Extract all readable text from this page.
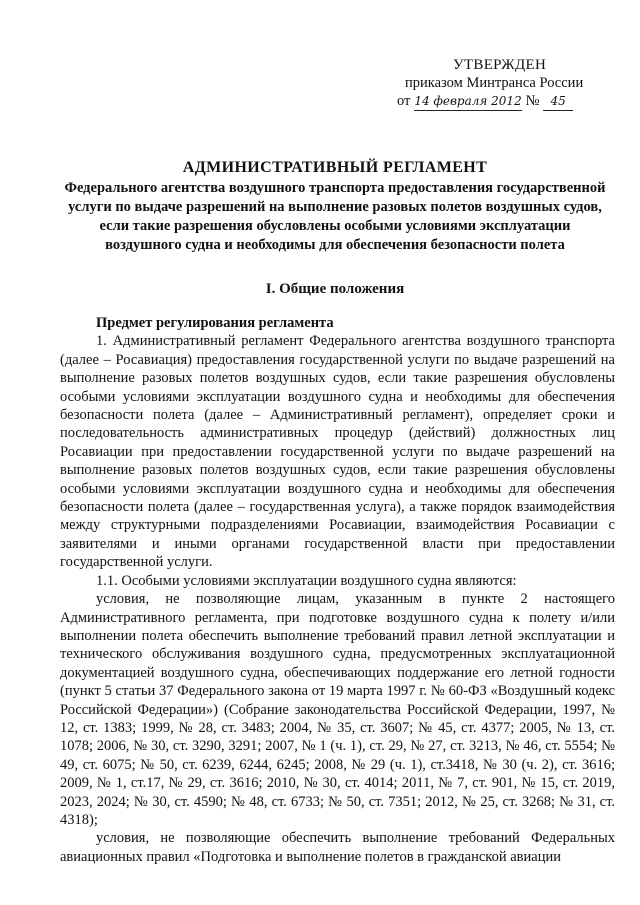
УТВЕРЖДЕН
приказом Минтранса России
от 14 февраля 2012 № 45
АДМИНИСТРАТИВНЫЙ РЕГЛАМЕНТ
Федерального агентства воздушного транспорта предоставления государственной услуги по выдаче разрешений на выполнение разовых полетов воздушных судов, если такие разрешения обусловлены особыми условиями эксплуатации воздушного судна и необходимы для обеспечения безопасности полета
I. Общие положения
Предмет регулирования регламента

1. Административный регламент Федерального агентства воздушного транспорта (далее – Росавиация) предоставления государственной услуги по выдаче разрешений на выполнение разовых полетов воздушных судов, если такие разрешения обусловлены особыми условиями эксплуатации воздушного судна и необходимы для обеспечения безопасности полета (далее – Административный регламент), определяет сроки и последовательность административных процедур (действий) должностных лиц Росавиации при предоставлении государственной услуги по выдаче разрешений на выполнение разовых полетов воздушных судов, если такие разрешения обусловлены особыми условиями эксплуатации воздушного судна и необходимы для обеспечения безопасности полета (далее – государственная услуга), а также порядок взаимодействия между структурными подразделениями Росавиации, взаимодействия Росавиации с заявителями и иными органами государственной власти при предоставлении государственной услуги.

1.1. Особыми условиями эксплуатации воздушного судна являются:

условия, не позволяющие лицам, указанным в пункте 2 настоящего Административного регламента, при подготовке воздушного судна к полету и/или выполнении полета обеспечить выполнение требований правил летной эксплуатации и технического обслуживания воздушного судна, предусмотренных эксплуатационной документацией воздушного судна, обеспечивающих поддержание его летной годности (пункт 5 статьи 37 Федерального закона от 19 марта 1997 г. № 60-ФЗ «Воздушный кодекс Российской Федерации») (Собрание законодательства Российской Федерации, 1997, № 12, ст. 1383; 1999, № 28, ст. 3483; 2004, № 35, ст. 3607; № 45, ст. 4377; 2005, № 13, ст. 1078; 2006, № 30, ст. 3290, 3291; 2007, № 1 (ч. 1), ст. 29, № 27, ст. 3213, № 46, ст. 5554; № 49, ст. 6075; № 50, ст. 6239, 6244, 6245; 2008, № 29 (ч. 1), ст.3418, № 30 (ч. 2), ст. 3616; 2009, № 1, ст.17, № 29, ст. 3616; 2010, № 30, ст. 4014; 2011, № 7, ст. 901, № 15, ст. 2019, 2023, 2024; № 30, ст. 4590; № 48, ст. 6733; № 50, ст. 7351; 2012, № 25, ст. 3268; № 31, ст. 4318);

условия, не позволяющие обеспечить выполнение требований Федеральных авиационных правил «Подготовка и выполнение полетов в гражданской авиации
